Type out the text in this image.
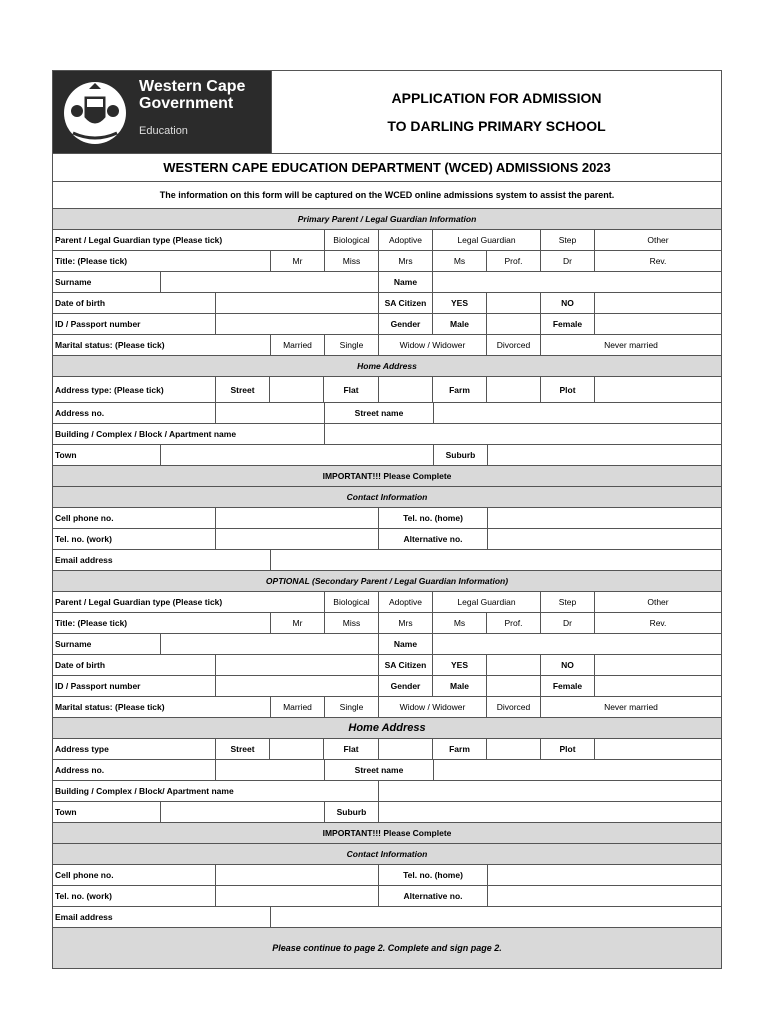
Western Cape
Government
Education
APPLICATION FOR ADMISSION
TO DARLING PRIMARY SCHOOL
WESTERN CAPE EDUCATION DEPARTMENT (WCED) ADMISSIONS 2023
The information on this form will be captured on the WCED online admissions system to assist the parent.
Primary Parent / Legal Guardian Information
Parent / Legal Guardian type (Please tick)	Biological	Adoptive	Legal Guardian	Step	Other
Title: (Please tick)	Mr	Miss	Mrs	Ms	Prof.	Dr	Rev.
Surname	Name
Date of birth	SA Citizen	YES	NO
ID / Passport number	Gender	Male	Female
Marital status: (Please tick)	Married	Single	Widow / Widower	Divorced	Never married
Home Address
Address type: (Please tick)	Street	Flat	Farm	Plot
Address no.	Street name
Building / Complex / Block / Apartment name
Town	Suburb
IMPORTANT!!! Please Complete
Contact Information
Cell phone no.	Tel. no. (home)
Tel. no. (work)	Alternative no.
Email address
OPTIONAL (Secondary Parent / Legal Guardian Information)
Parent / Legal Guardian type (Please tick)	Biological	Adoptive	Legal Guardian	Step	Other
Title: (Please tick)	Mr	Miss	Mrs	Ms	Prof.	Dr	Rev.
Surname	Name
Date of birth	SA Citizen	YES	NO
ID / Passport number	Gender	Male	Female
Marital status: (Please tick)	Married	Single	Widow / Widower	Divorced	Never married
Home Address
Address type	Street	Flat	Farm	Plot
Address no.	Street name
Building / Complex / Block/ Apartment name
Town	Suburb
IMPORTANT!!! Please Complete
Contact Information
Cell phone no.	Tel. no. (home)
Tel. no. (work)	Alternative no.
Email address
Please continue to page 2. Complete and sign page 2.
